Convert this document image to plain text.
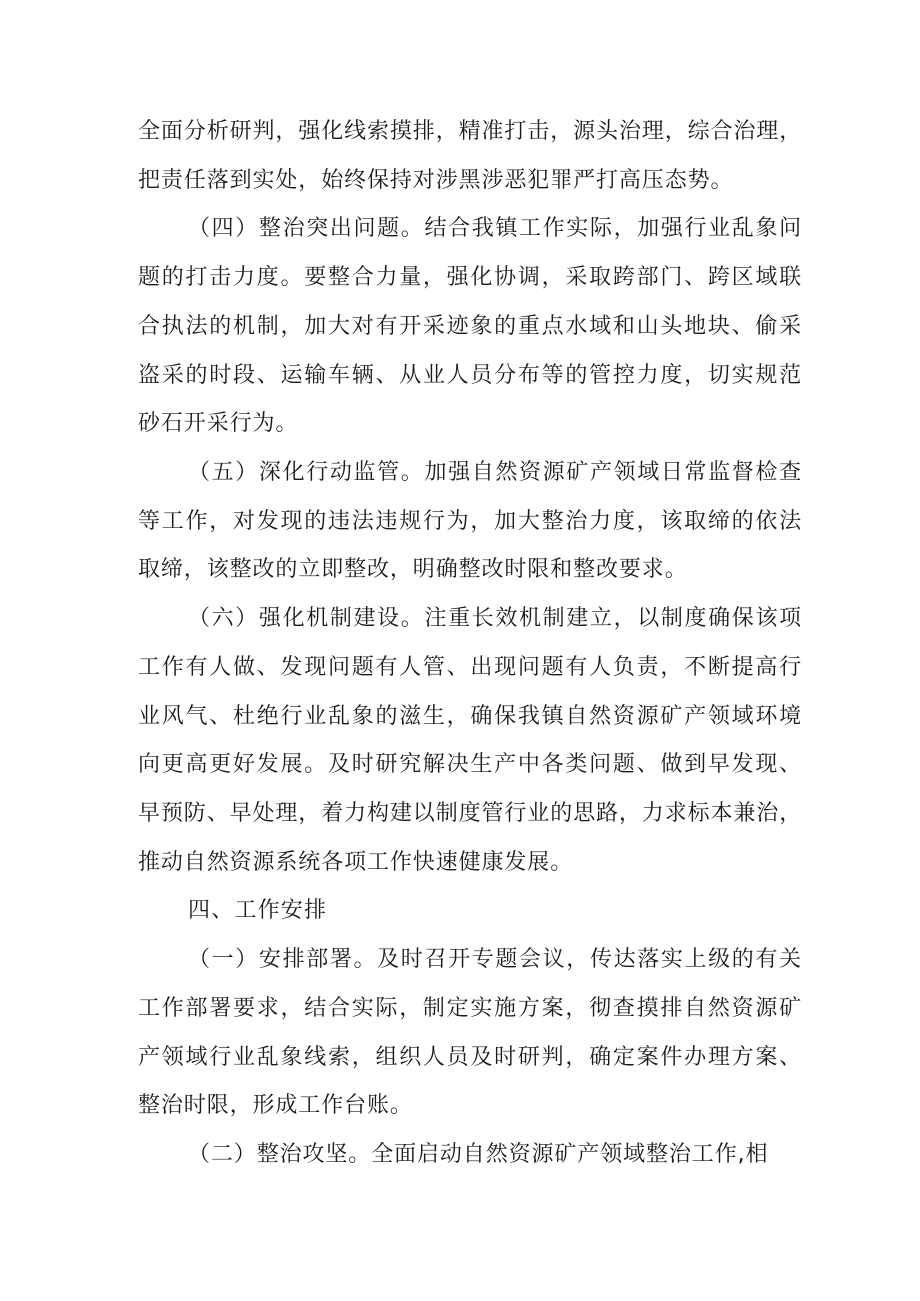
全面分析研判，强化线索摸排，精准打击，源头治理，综合治理，
把责任落到实处，始终保持对涉黑涉恶犯罪严打高压态势。
（四）整治突出问题。结合我镇工作实际，加强行业乱象问
题的打击力度。要整合力量，强化协调，采取跨部门、跨区域联
合执法的机制，加大对有开采迹象的重点水域和山头地块、偷采
盗采的时段、运输车辆、从业人员分布等的管控力度，切实规范
砂石开采行为。
（五）深化行动监管。加强自然资源矿产领域日常监督检查
等工作，对发现的违法违规行为，加大整治力度，该取缔的依法
取缔，该整改的立即整改，明确整改时限和整改要求。
（六）强化机制建设。注重长效机制建立，以制度确保该项
工作有人做、发现问题有人管、出现问题有人负责，不断提高行
业风气、杜绝行业乱象的滋生，确保我镇自然资源矿产领域环境
向更高更好发展。及时研究解决生产中各类问题、做到早发现、
早预防、早处理，着力构建以制度管行业的思路，力求标本兼治，
推动自然资源系统各项工作快速健康发展。
四、工作安排
（一）安排部署。及时召开专题会议，传达落实上级的有关
工作部署要求，结合实际，制定实施方案，彻查摸排自然资源矿
产领域行业乱象线索，组织人员及时研判，确定案件办理方案、
整治时限，形成工作台账。
（二）整治攻坚。全面启动自然资源矿产领域整治工作,相
